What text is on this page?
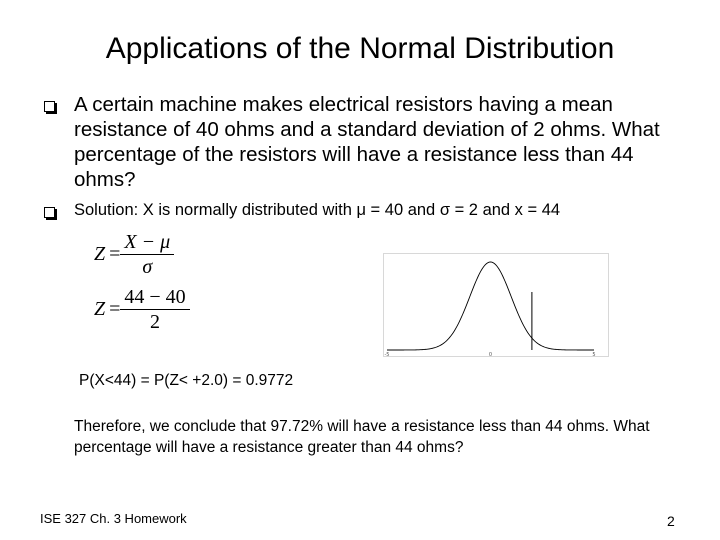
Applications of the Normal Distribution
A certain machine makes electrical resistors having a mean resistance of 40 ohms and a standard deviation of 2 ohms. What percentage of the resistors will have a resistance less than 44 ohms?
Solution: X is normally distributed with μ = 40 and σ = 2 and x = 44
$Z = \frac{X - \mu}{\sigma}$
$Z = \frac{44 - 40}{2}$
-5	0	5
P(X<44) = P(Z< +2.0) = 0.9772
Therefore, we conclude that 97.72% will have a resistance less than 44 ohms. What percentage will have a resistance greater than 44 ohms?
ISE 327 Ch. 3 Homework	2
